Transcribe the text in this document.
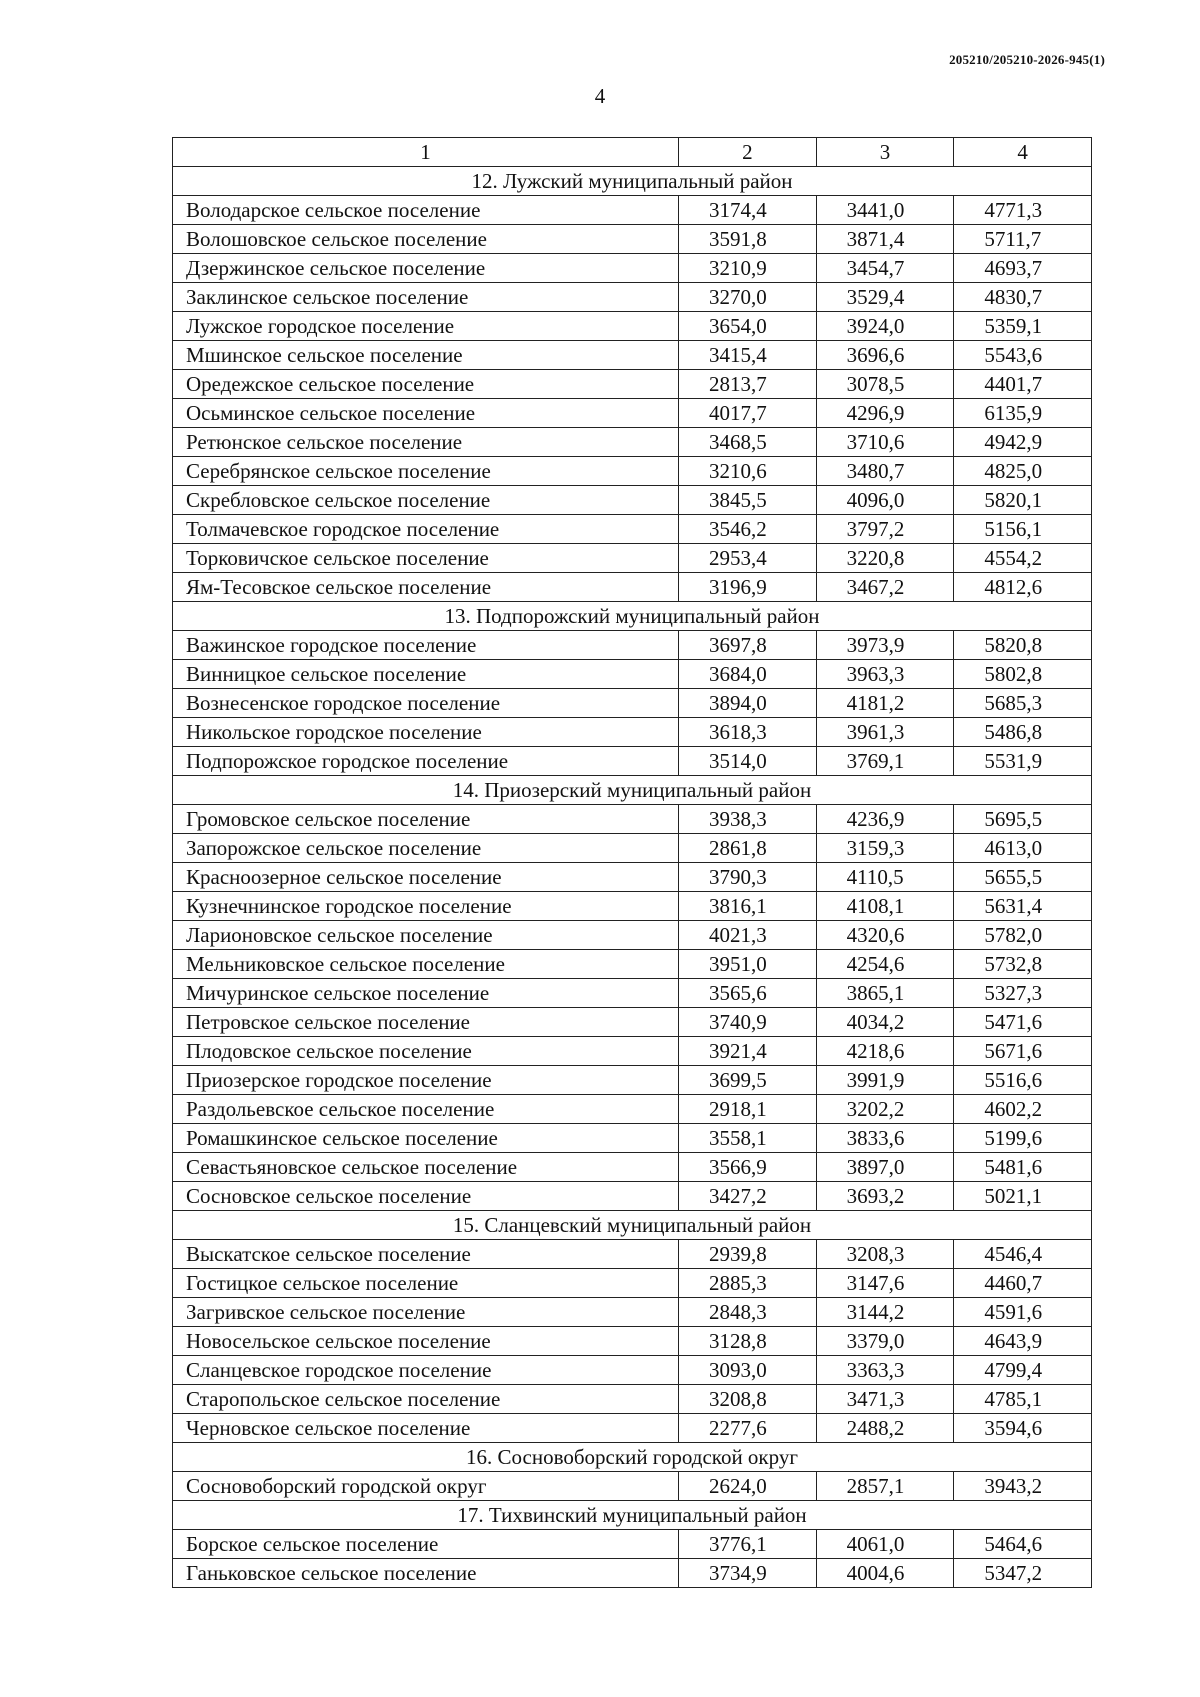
205210/205210-2026-945(1)
4
1	2	3	4
12. Лужский муниципальный район			
Володарское сельское поселение	3174,4	3441,0	4771,3
Волошовское сельское поселение	3591,8	3871,4	5711,7
Дзержинское сельское поселение	3210,9	3454,7	4693,7
Заклинское сельское поселение	3270,0	3529,4	4830,7
Лужское городское поселение	3654,0	3924,0	5359,1
Мшинское сельское поселение	3415,4	3696,6	5543,6
Оредежское сельское поселение	2813,7	3078,5	4401,7
Осьминское сельское поселение	4017,7	4296,9	6135,9
Ретюнское сельское поселение	3468,5	3710,6	4942,9
Серебрянское сельское поселение	3210,6	3480,7	4825,0
Скребловское сельское поселение	3845,5	4096,0	5820,1
Толмачевское городское поселение	3546,2	3797,2	5156,1
Торковичское сельское поселение	2953,4	3220,8	4554,2
Ям-Тесовское сельское поселение	3196,9	3467,2	4812,6
13. Подпорожский муниципальный район			
Важинское городское поселение	3697,8	3973,9	5820,8
Винницкое сельское поселение	3684,0	3963,3	5802,8
Вознесенское городское поселение	3894,0	4181,2	5685,3
Никольское городское поселение	3618,3	3961,3	5486,8
Подпорожское городское поселение	3514,0	3769,1	5531,9
14. Приозерский муниципальный район			
Громовское сельское поселение	3938,3	4236,9	5695,5
Запорожское сельское поселение	2861,8	3159,3	4613,0
Красноозерное сельское поселение	3790,3	4110,5	5655,5
Кузнечнинское городское поселение	3816,1	4108,1	5631,4
Ларионовское сельское поселение	4021,3	4320,6	5782,0
Мельниковское сельское поселение	3951,0	4254,6	5732,8
Мичуринское сельское поселение	3565,6	3865,1	5327,3
Петровское сельское поселение	3740,9	4034,2	5471,6
Плодовское сельское поселение	3921,4	4218,6	5671,6
Приозерское городское поселение	3699,5	3991,9	5516,6
Раздольевское сельское поселение	2918,1	3202,2	4602,2
Ромашкинское сельское поселение	3558,1	3833,6	5199,6
Севастьяновское сельское поселение	3566,9	3897,0	5481,6
Сосновское сельское поселение	3427,2	3693,2	5021,1
15. Сланцевский муниципальный район			
Выскатское сельское поселение	2939,8	3208,3	4546,4
Гостицкое сельское поселение	2885,3	3147,6	4460,7
Загривское сельское поселение	2848,3	3144,2	4591,6
Новосельское сельское поселение	3128,8	3379,0	4643,9
Сланцевское городское поселение	3093,0	3363,3	4799,4
Старопольское сельское поселение	3208,8	3471,3	4785,1
Черновское сельское поселение	2277,6	2488,2	3594,6
16. Сосновоборский городской округ			
Сосновоборский городской округ	2624,0	2857,1	3943,2
17. Тихвинский муниципальный район			
Борское сельское поселение	3776,1	4061,0	5464,6
Ганьковское сельское поселение	3734,9	4004,6	5347,2
